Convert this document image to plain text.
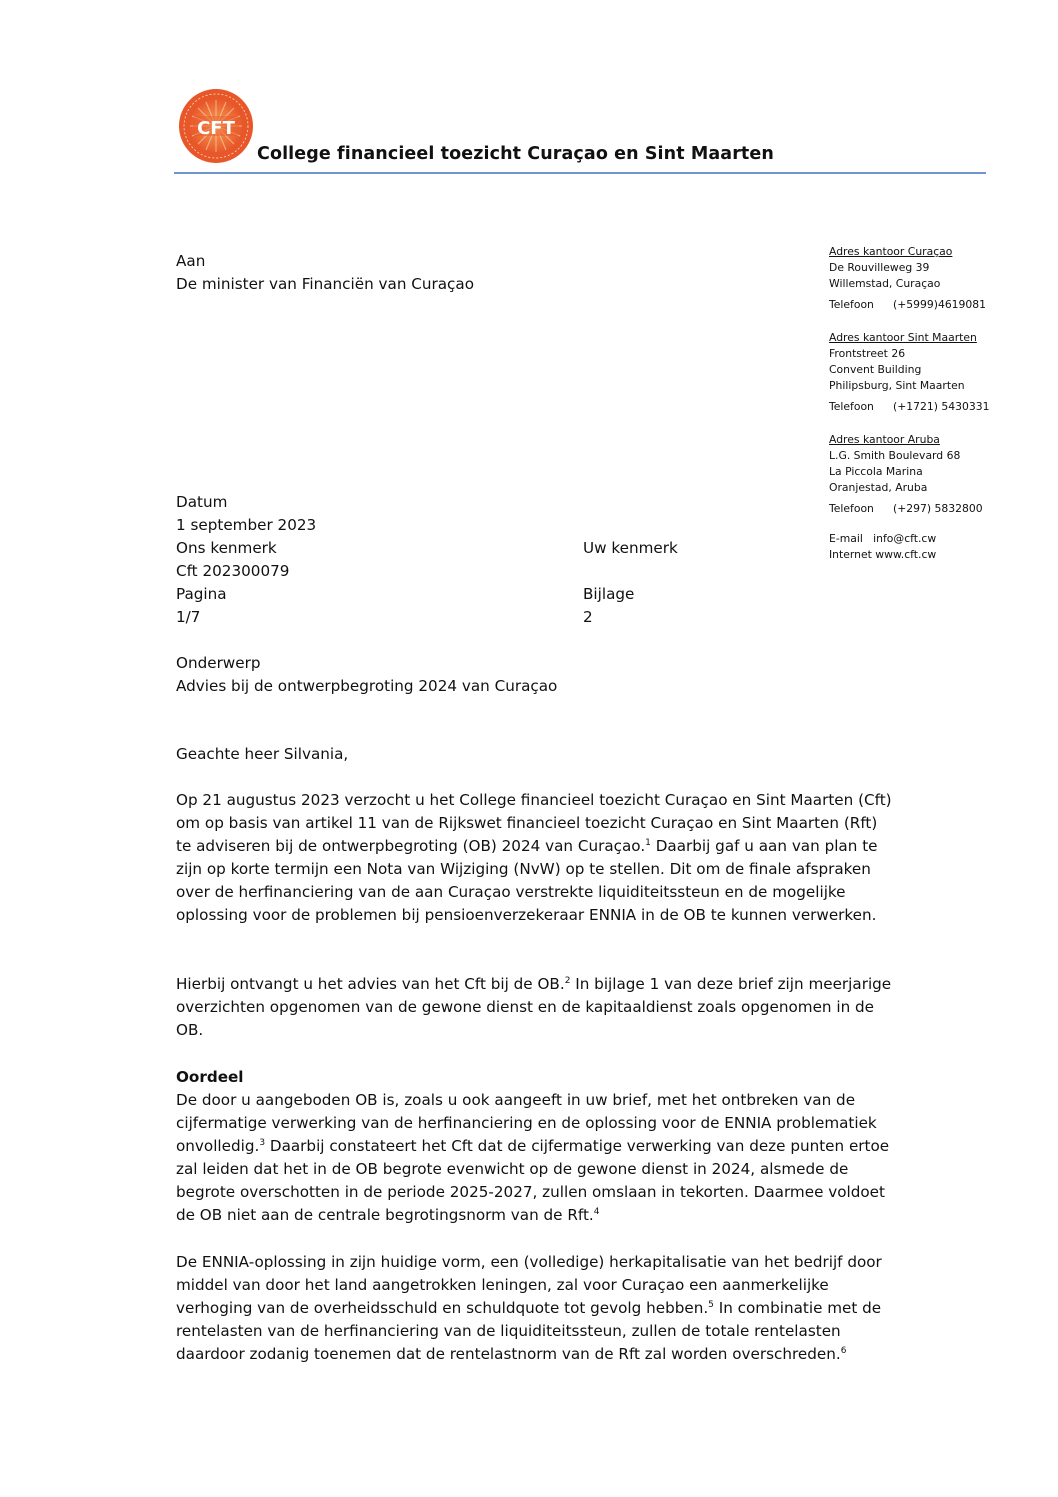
CFT
College financieel toezicht Curaçao en Sint Maarten
Aan
De minister van Financiën van Curaçao
Adres kantoor Curaçao
De Rouvilleweg 39
Willemstad, Curaçao
Telefoon (+5999)4619081
Adres kantoor Sint Maarten
Frontstreet 26
Convent Building
Philipsburg, Sint Maarten
Telefoon (+1721) 5430331
Adres kantoor Aruba
L.G. Smith Boulevard 68
La Piccola Marina
Oranjestad, Aruba
Telefoon (+297) 5832800
E-mail   info@cft.cw
Internet www.cft.cw
Datum
1 september 2023
Ons kenmerk
Cft 202300079
Pagina
1/7
Onderwerp
Advies bij de ontwerpbegroting 2024 van Curaçao
Uw kenmerk
Bijlage
2
Geachte heer Silvania,

Op 21 augustus 2023 verzocht u het College financieel toezicht Curaçao en Sint Maarten (Cft) om op basis van artikel 11 van de Rijkswet financieel toezicht Curaçao en Sint Maarten (Rft) te adviseren bij de ontwerpbegroting (OB) 2024 van Curaçao.$^1$ Daarbij gaf u aan van plan te zijn op korte termijn een Nota van Wijziging (NvW) op te stellen. Dit om de finale afspraken over de herfinanciering van de aan Curaçao verstrekte liquiditeitssteun en de mogelijke oplossing voor de problemen bij pensioenverzekeraar ENNIA in de OB te kunnen verwerken.

Hierbij ontvangt u het advies van het Cft bij de OB.$^2$ In bijlage 1 van deze brief zijn meerjarige overzichten opgenomen van de gewone dienst en de kapitaaldienst zoals opgenomen in de OB.

Oordeel

De door u aangeboden OB is, zoals u ook aangeeft in uw brief, met het ontbreken van de cijfermatige verwerking van de herfinanciering en de oplossing voor de ENNIA problematiek onvolledig.$^3$ Daarbij constateert het Cft dat de cijfermatige verwerking van deze punten ertoe zal leiden dat het in de OB begrote evenwicht op de gewone dienst in 2024, alsmede de begrote overschotten in de periode 2025-2027, zullen omslaan in tekorten. Daarmee voldoet de OB niet aan de centrale begrotingsnorm van de Rft.$^4$

De ENNIA-oplossing in zijn huidige vorm, een (volledige) herkapitalisatie van het bedrijf door middel van door het land aangetrokken leningen, zal voor Curaçao een aanmerkelijke verhoging van de overheidsschuld en schuldquote tot gevolg hebben.$^5$ In combinatie met de rentelasten van de herfinanciering van de liquiditeitssteun, zullen de totale rentelasten daardoor zodanig toenemen dat de rentelastnorm van de Rft zal worden overschreden.$^6$
